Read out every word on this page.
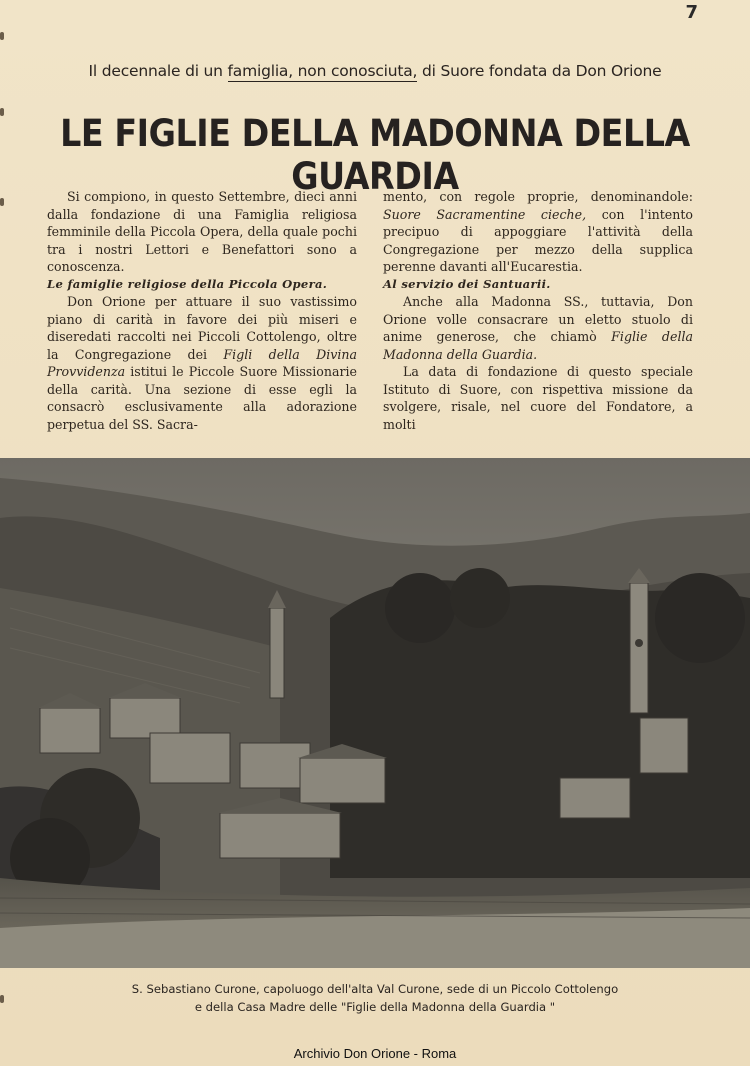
7
Il decennale di un famiglia, non conosciuta, di Suore fondata da Don Orione
LE FIGLIE DELLA MADONNA DELLA GUARDIA

Si compiono, in questo Settembre, dieci anni dalla fondazione di una Famiglia religiosa femminile della Piccola Opera, della quale pochi tra i nostri Lettori e Benefattori sono a conoscenza.

Le famiglie religiose della Piccola Opera.

Don Orione per attuare il suo vastissimo piano di carità in favore dei più miseri e diseredati raccolti nei Piccoli Cottolengo, oltre la Congregazione dei Figli della Divina Provvidenza istitui le Piccole Suore Missionarie della carità. Una sezione di esse egli la consacrò esclusivamente alla adorazione perpetua del SS. Sacra-

mento, con regole proprie, denominandole: Suore Sacramentine cieche, con l'intento precipuo di appoggiare l'attività della Congregazione per mezzo della supplica perenne davanti all'Eucarestia.

Al servizio dei Santuarii.

Anche alla Madonna SS., tuttavia, Don Orione volle consacrare un eletto stuolo di anime generose, che chiamò Figlie della Madonna della Guardia.

La data di fondazione di questo speciale Istituto di Suore, con rispettiva missione da svolgere, risale, nel cuore del Fondatore, a molti

S. Sebastiano Curone, capoluogo dell'alta Val Curone, sede di un Piccolo Cottolengo
e della Casa Madre delle "Figlie della Madonna della Guardia "
Archivio Don Orione - Roma
